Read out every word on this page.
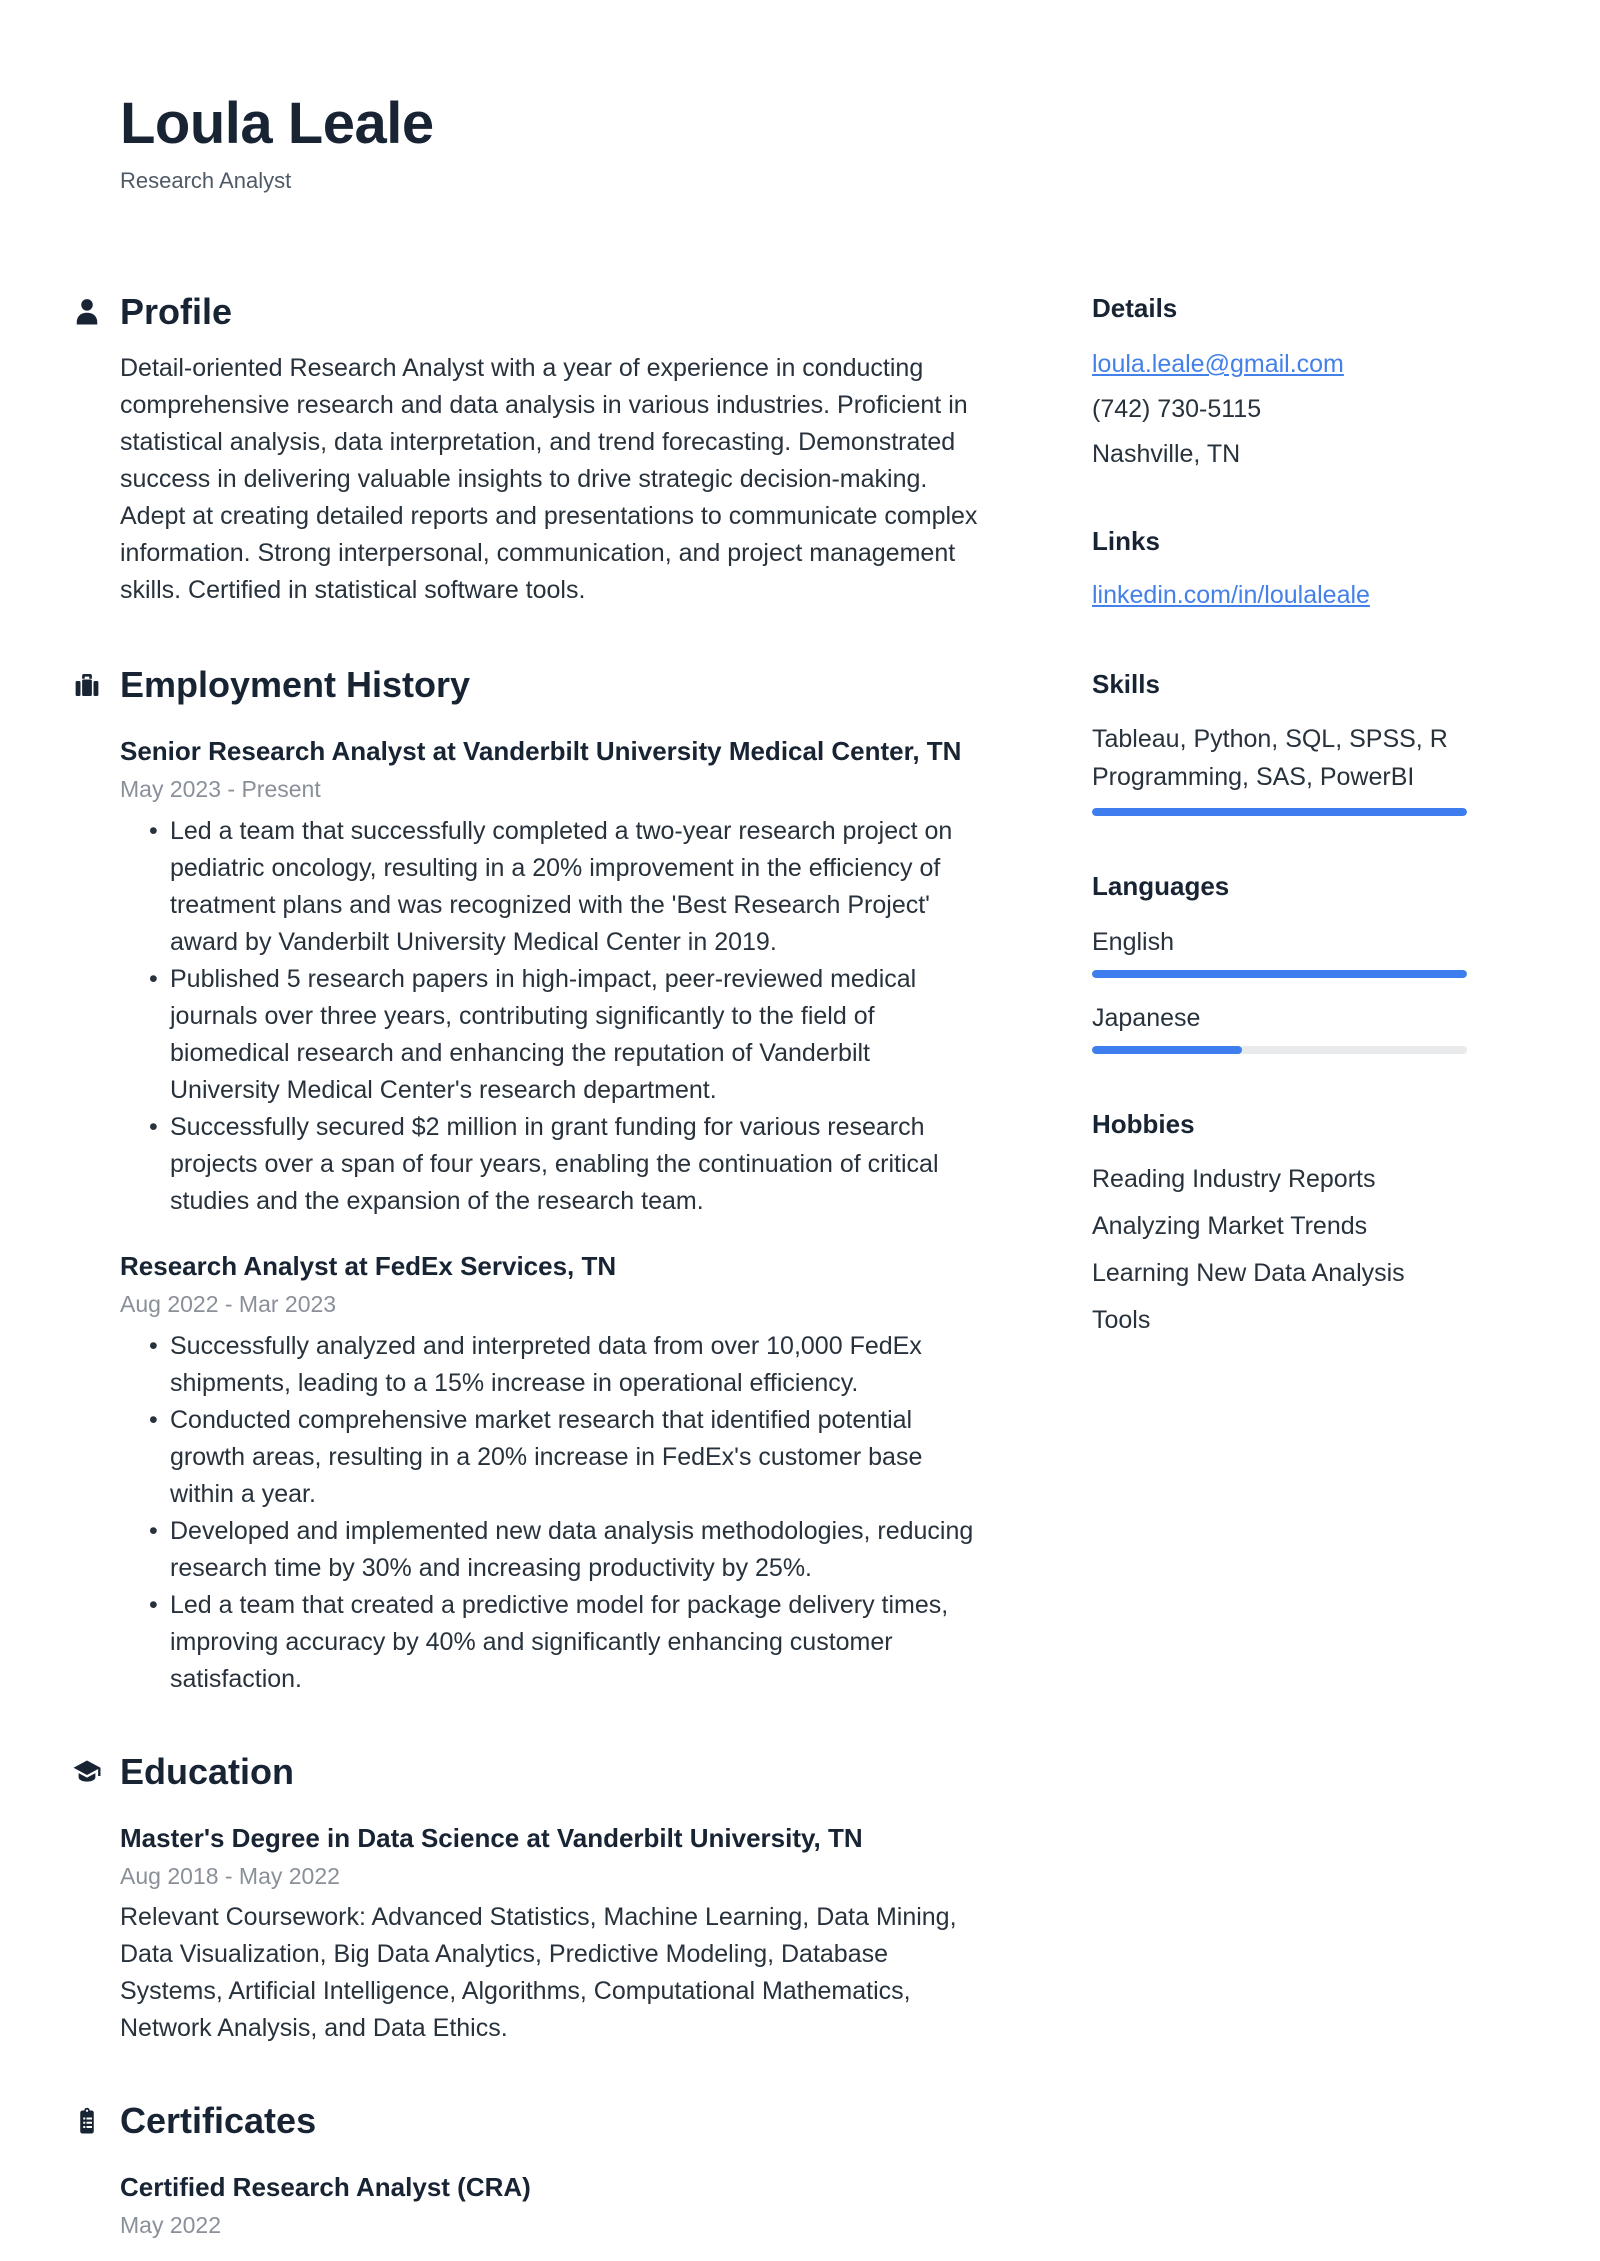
Loula Leale
Research Analyst
Profile
Detail-oriented Research Analyst with a year of experience in conducting comprehensive research and data analysis in various industries. Proficient in statistical analysis, data interpretation, and trend forecasting. Demonstrated success in delivering valuable insights to drive strategic decision-making. Adept at creating detailed reports and presentations to communicate complex information. Strong interpersonal, communication, and project management skills. Certified in statistical software tools.
Employment History
Senior Research Analyst at Vanderbilt University Medical Center, TN
May 2023 - Present
• Led a team that successfully completed a two-year research project on pediatric oncology, resulting in a 20% improvement in the efficiency of treatment plans and was recognized with the 'Best Research Project' award by Vanderbilt University Medical Center in 2019.
• Published 5 research papers in high-impact, peer-reviewed medical journals over three years, contributing significantly to the field of biomedical research and enhancing the reputation of Vanderbilt University Medical Center's research department.
• Successfully secured $2 million in grant funding for various research projects over a span of four years, enabling the continuation of critical studies and the expansion of the research team.
Research Analyst at FedEx Services, TN
Aug 2022 - Mar 2023
• Successfully analyzed and interpreted data from over 10,000 FedEx shipments, leading to a 15% increase in operational efficiency.
• Conducted comprehensive market research that identified potential growth areas, resulting in a 20% increase in FedEx's customer base within a year.
• Developed and implemented new data analysis methodologies, reducing research time by 30% and increasing productivity by 25%.
• Led a team that created a predictive model for package delivery times, improving accuracy by 40% and significantly enhancing customer satisfaction.
Education
Master's Degree in Data Science at Vanderbilt University, TN
Aug 2018 - May 2022
Relevant Coursework: Advanced Statistics, Machine Learning, Data Mining, Data Visualization, Big Data Analytics, Predictive Modeling, Database Systems, Artificial Intelligence, Algorithms, Computational Mathematics, Network Analysis, and Data Ethics.
Certificates
Certified Research Analyst (CRA)
May 2022
Details
loula.leale@gmail.com
(742) 730-5115
Nashville, TN
Links
linkedin.com/in/loulaleale
Skills
Tableau, Python, SQL, SPSS, R Programming, SAS, PowerBI
Languages
English
Japanese
Hobbies
Reading Industry Reports
Analyzing Market Trends
Learning New Data Analysis Tools
